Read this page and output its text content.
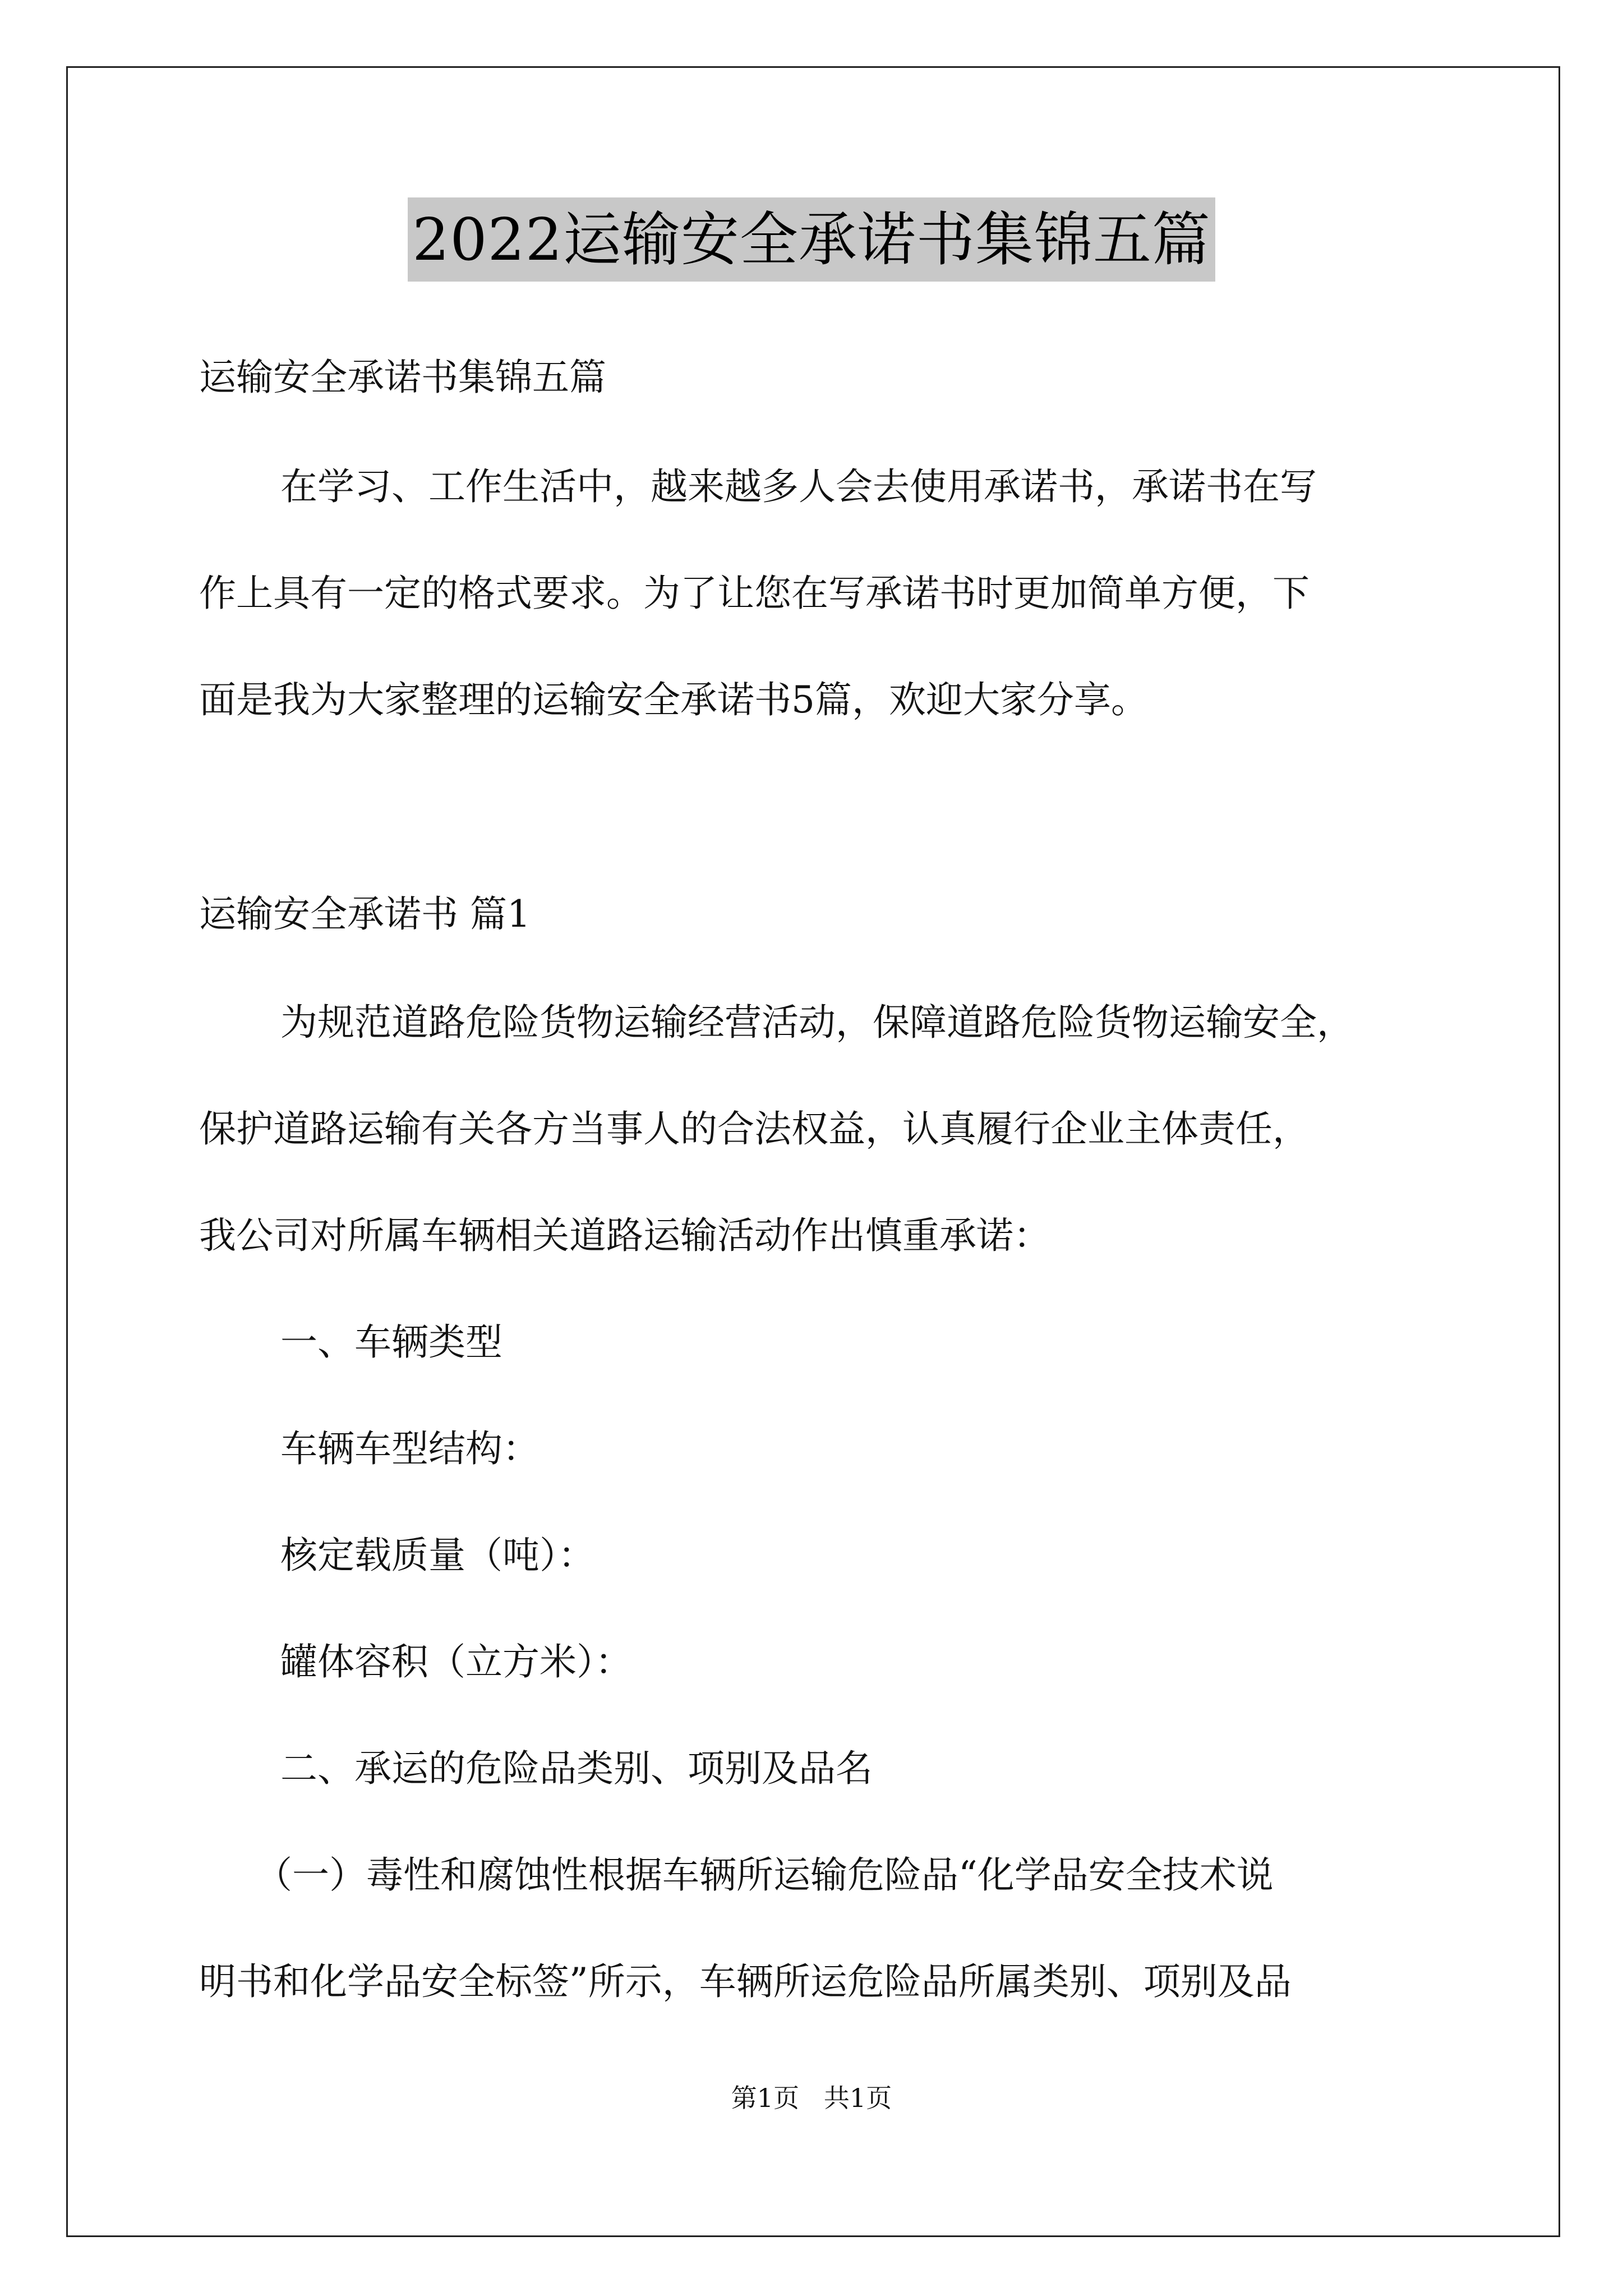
2022运输安全承诺书集锦五篇
运输安全承诺书集锦五篇
在学习、工作生活中，越来越多人会去使用承诺书，承诺书在写
作上具有一定的格式要求。为了让您在写承诺书时更加简单方便，下
面是我为大家整理的运输安全承诺书5篇，欢迎大家分享。
运输安全承诺书 篇1
为规范道路危险货物运输经营活动，保障道路危险货物运输安全，
保护道路运输有关各方当事人的合法权益，认真履行企业主体责任，
我公司对所属车辆相关道路运输活动作出慎重承诺：
一、车辆类型
车辆车型结构：
核定载质量（吨）：
罐体容积（立方米）：
二、承运的危险品类别、项别及品名
（一）毒性和腐蚀性根据车辆所运输危险品“化学品安全技术说
明书和化学品安全标签”所示，车辆所运危险品所属类别、项别及品
第1页   共1页
